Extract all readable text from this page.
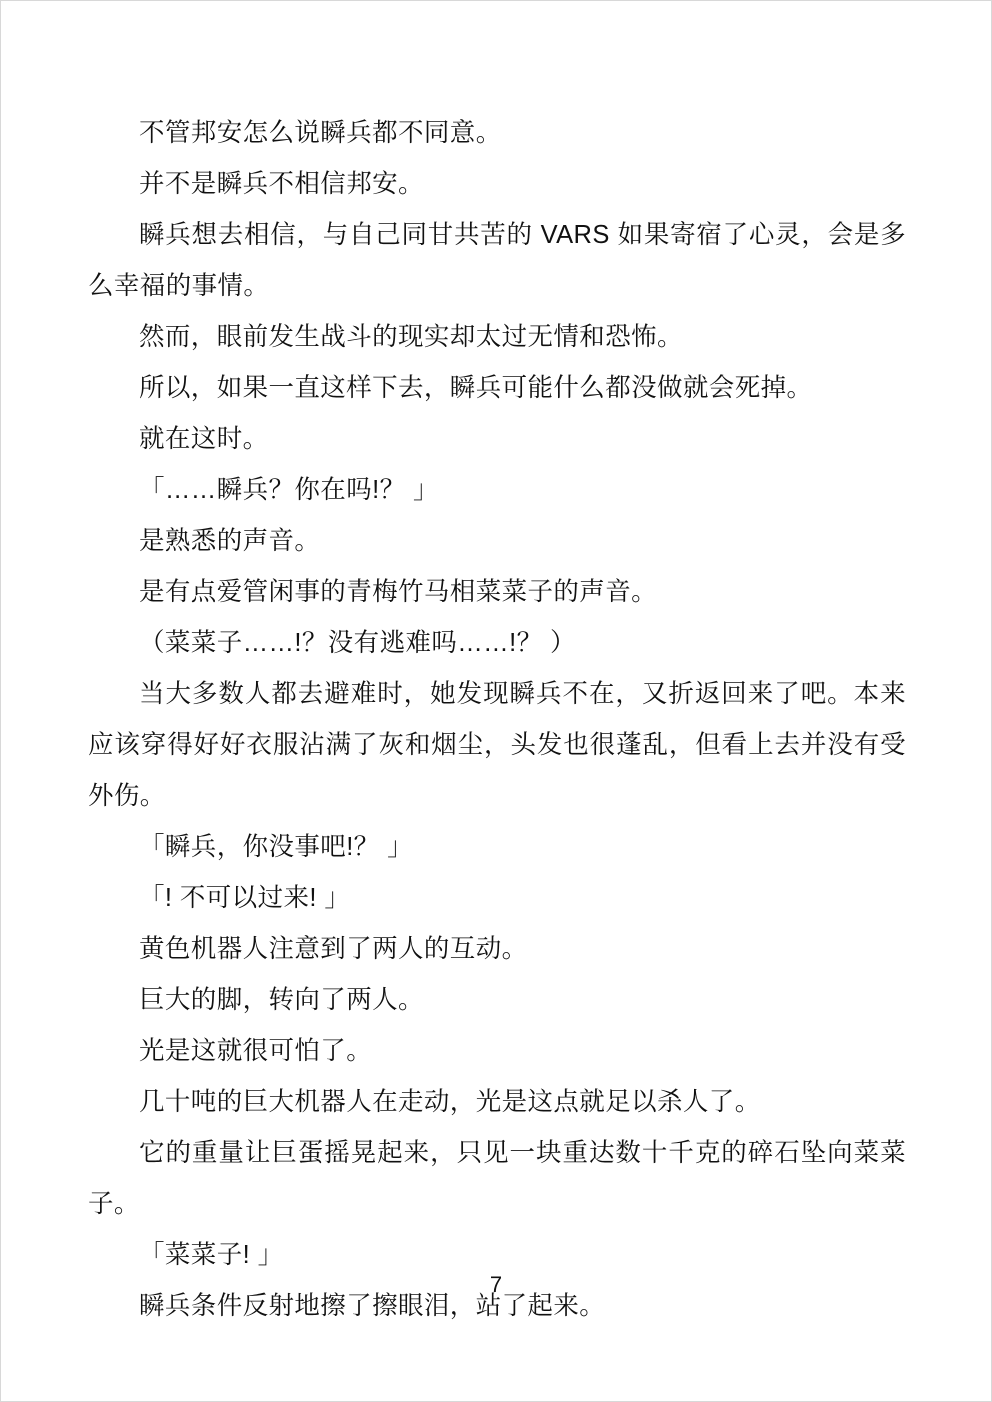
不管邦安怎么说瞬兵都不同意。

并不是瞬兵不相信邦安。

瞬兵想去相信，与自己同甘共苦的 VARS 如果寄宿了心灵，会是多么幸福的事情。

然而，眼前发生战斗的现实却太过无情和恐怖。

所以，如果一直这样下去，瞬兵可能什么都没做就会死掉。

就在这时。

「……瞬兵？你在吗!？ 」

是熟悉的声音。

是有点爱管闲事的青梅竹马相菜菜子的声音。

（菜菜子……!？没有逃难吗……!？ ）

当大多数人都去避难时，她发现瞬兵不在，又折返回来了吧。本来应该穿得好好衣服沾满了灰和烟尘，头发也很蓬乱，但看上去并没有受外伤。

「瞬兵，你没事吧!？ 」

「! 不可以过来! 」

黄色机器人注意到了两人的互动。

巨大的脚，转向了两人。

光是这就很可怕了。

几十吨的巨大机器人在走动，光是这点就足以杀人了。

它的重量让巨蛋摇晃起来，只见一块重达数十千克的碎石坠向菜菜子。

「菜菜子! 」

瞬兵条件反射地擦了擦眼泪，站了起来。

7
